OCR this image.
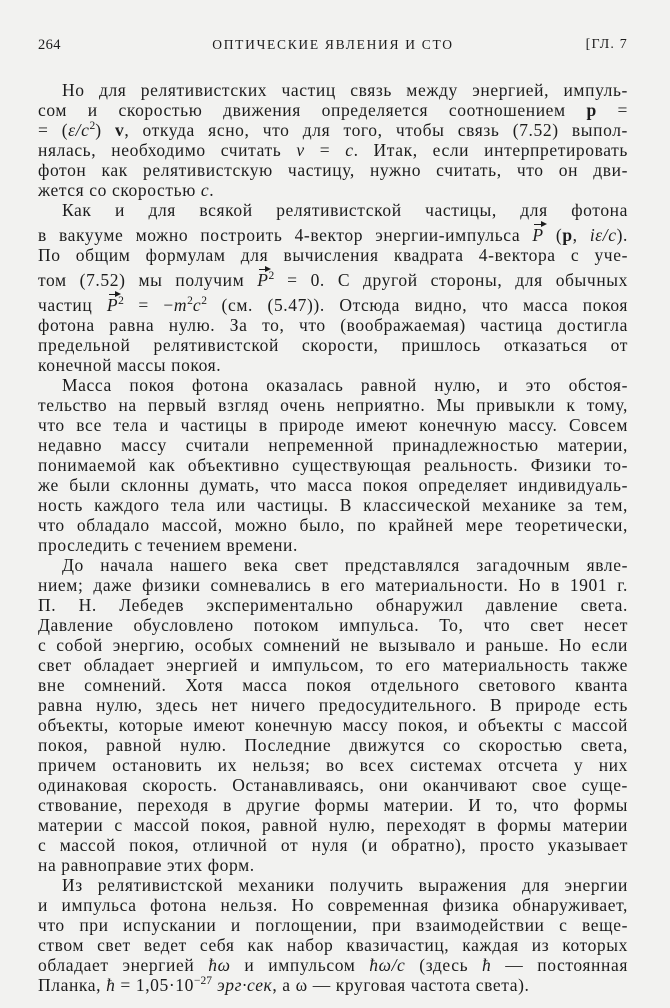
264	ОПТИЧЕСКИЕ ЯВЛЕНИЯ И СТО	[ГЛ. 7
Но для релятивистских частиц связь между энергией, импуль-
сом и скоростью движения определяется соотношением p =
= $(\varepsilon/c^2)$ v, откуда ясно, что для того, чтобы связь (7.52) выпол-
нялась, необходимо считать v = c. Итак, если интерпретировать
фотон как релятивистскую частицу, нужно считать, что он дви-
жется со скоростью c.
Как и для всякой релятивистской частицы, для фотона
в вакууме можно построить 4-вектор энергии-импульса P (p, iε/c).
По общим формулам для вычисления квадрата 4-вектора с уче-
том (7.52) мы получим $P^2 = 0$. С другой стороны, для обычных
частиц $P^2 = -m^2c^2$ (см. (5.47)). Отсюда видно, что масса покоя
фотона равна нулю. За то, что (воображаемая) частица достигла
предельной релятивистской скорости, пришлось отказаться от
конечной массы покоя.
Масса покоя фотона оказалась равной нулю, и это обстоя-
тельство на первый взгляд очень неприятно. Мы привыкли к тому,
что все тела и частицы в природе имеют конечную массу. Совсем
недавно массу считали непременной принадлежностью материи,
понимаемой как объективно существующая реальность. Физики то-
же были склонны думать, что масса покоя определяет индивидуаль-
ность каждого тела или частицы. В классической механике за тем,
что обладало массой, можно было, по крайней мере теоретически,
проследить с течением времени.
До начала нашего века свет представлялся загадочным явле-
нием; даже физики сомневались в его материальности. Но в 1901 г.
П. Н. Лебедев экспериментально обнаружил давление света.
Давление обусловлено потоком импульса. То, что свет несет
с собой энергию, особых сомнений не вызывало и раньше. Но если
свет обладает энергией и импульсом, то его материальность также
вне сомнений. Хотя масса покоя отдельного светового кванта
равна нулю, здесь нет ничего предосудительного. В природе есть
объекты, которые имеют конечную массу покоя, и объекты с массой
покоя, равной нулю. Последние движутся со скоростью света,
причем остановить их нельзя; во всех системах отсчета у них
одинаковая скорость. Останавливаясь, они оканчивают свое суще-
ствование, переходя в другие формы материи. И то, что формы
материи с массой покоя, равной нулю, переходят в формы материи
с массой покоя, отличной от нуля (и обратно), просто указывает
на равноправие этих форм.
Из релятивистской механики получить выражения для энергии
и импульса фотона нельзя. Но современная физика обнаруживает,
что при испускании и поглощении, при взаимодействии с веще-
ством свет ведет себя как набор квазичастиц, каждая из которых
обладает энергией ħω и импульсом ħω/c (здесь ħ — постоянная
Планка, ħ = $1,05\cdot 10^{-27}$ эрг·сек, а ω — круговая частота света).
